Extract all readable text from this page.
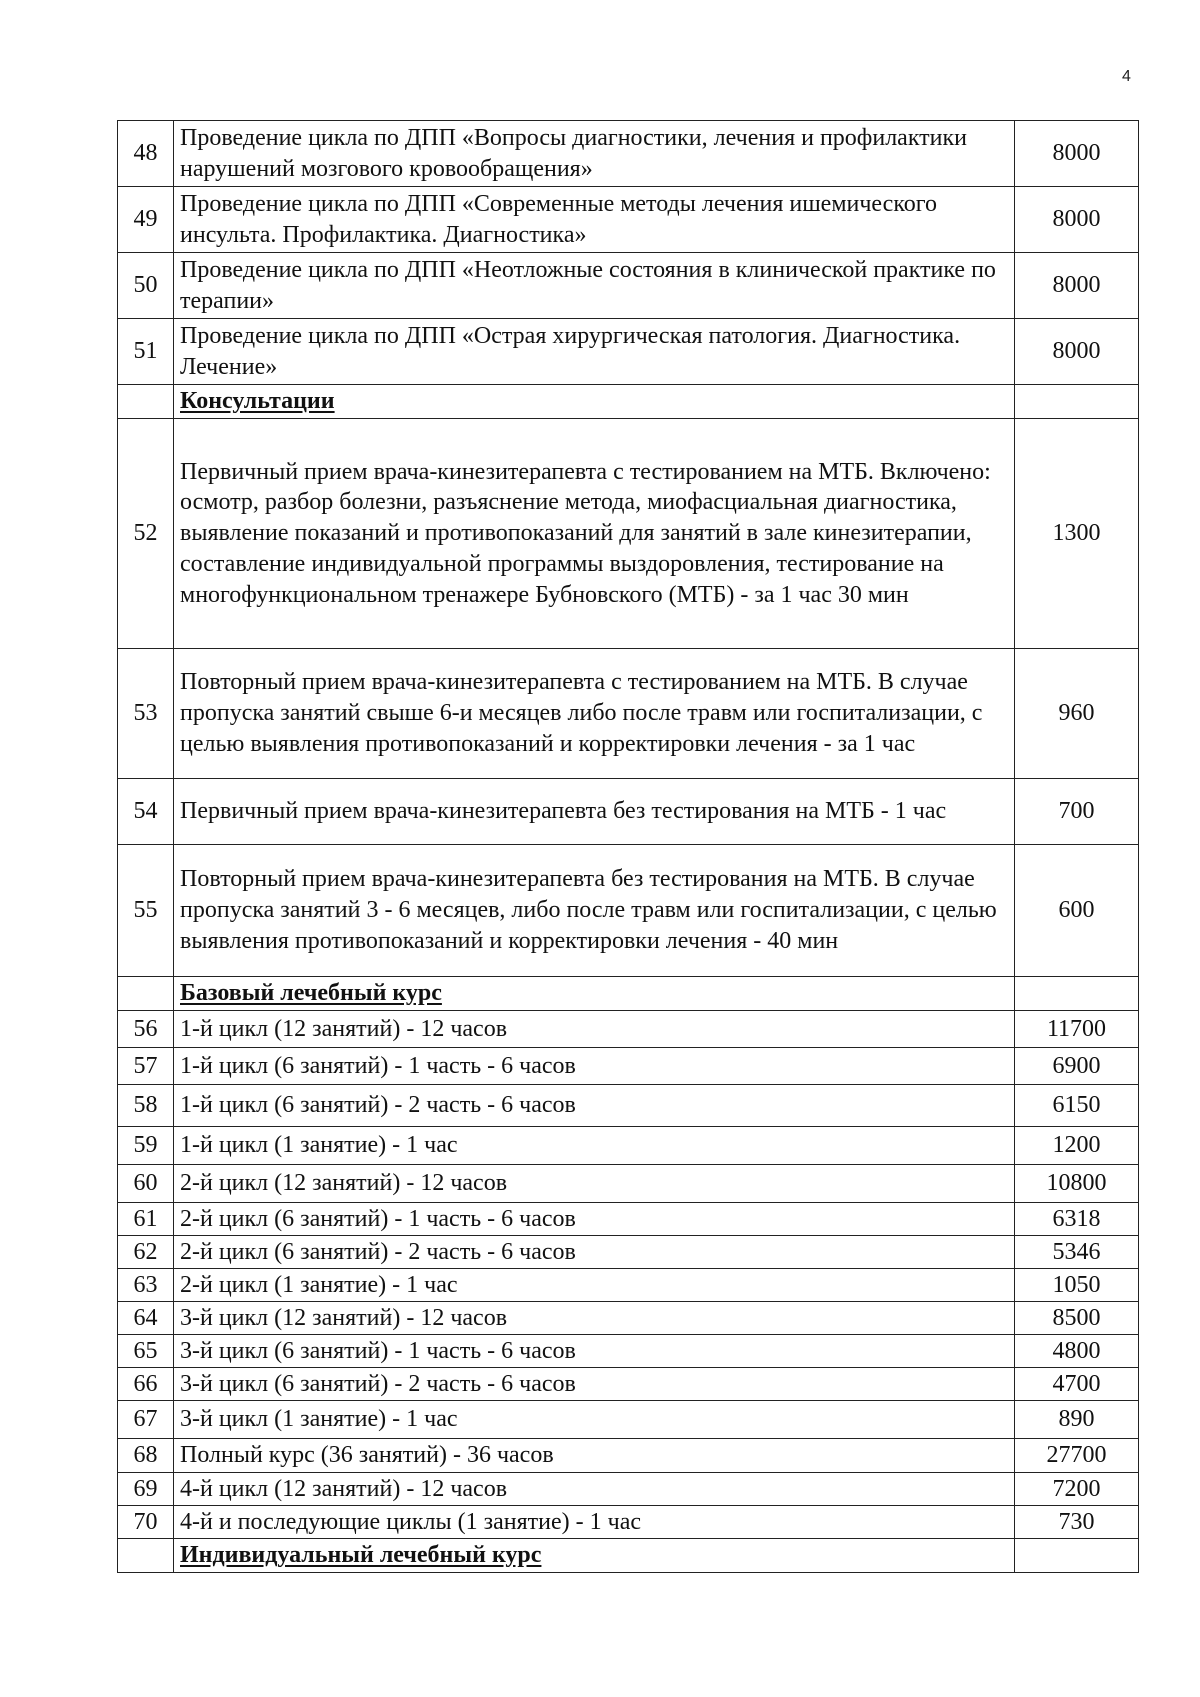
4
48	Проведение цикла по ДПП «Вопросы диагностики, лечения и профилактики нарушений мозгового кровообращения»	8000
49	Проведение цикла по ДПП «Современные методы лечения ишемического инсульта. Профилактика. Диагностика»	8000
50	Проведение цикла по ДПП «Неотложные состояния в клинической практике по терапии»	8000
51	Проведение цикла по ДПП «Острая хирургическая патология. Диагностика. Лечение»	8000
	Консультации	
52	Первичный прием врача-кинезитерапевта с тестированием на МТБ. Включено: осмотр, разбор болезни, разъяснение метода, миофасциальная диагностика, выявление показаний и противопоказаний для занятий в зале кинезитерапии, составление индивидуальной программы выздоровления, тестирование на многофункциональном тренажере Бубновского (МТБ) - за 1 час 30 мин	1300
53	Повторный прием врача-кинезитерапевта с тестированием на МТБ. В случае пропуска занятий свыше 6-и месяцев либо после травм или госпитализации, с целью выявления противопоказаний и корректировки лечения - за 1 час	960
54	Первичный прием врача-кинезитерапевта без тестирования на МТБ - 1 час	700
55	Повторный прием врача-кинезитерапевта без тестирования на МТБ. В случае пропуска занятий 3 - 6 месяцев, либо после травм или госпитализации, с целью выявления противопоказаний и корректировки лечения - 40 мин	600
	Базовый лечебный курс	
56	1-й цикл (12 занятий) - 12 часов	11700
57	1-й цикл (6 занятий) - 1 часть - 6 часов	6900
58	1-й цикл (6 занятий) - 2 часть - 6 часов	6150
59	1-й цикл (1 занятие) - 1 час	1200
60	2-й цикл (12 занятий) - 12 часов	10800
61	2-й цикл (6 занятий) - 1 часть - 6 часов	6318
62	2-й цикл (6 занятий) - 2 часть - 6 часов	5346
63	2-й цикл (1 занятие) - 1 час	1050
64	3-й цикл (12 занятий) - 12 часов	8500
65	3-й цикл (6 занятий) - 1 часть - 6 часов	4800
66	3-й цикл (6 занятий) - 2 часть - 6 часов	4700
67	3-й цикл (1 занятие) - 1 час	890
68	Полный курс (36 занятий) - 36 часов	27700
69	4-й цикл (12 занятий) - 12 часов	7200
70	4-й и последующие циклы (1 занятие) - 1 час	730
	Индивидуальный лечебный курс	
